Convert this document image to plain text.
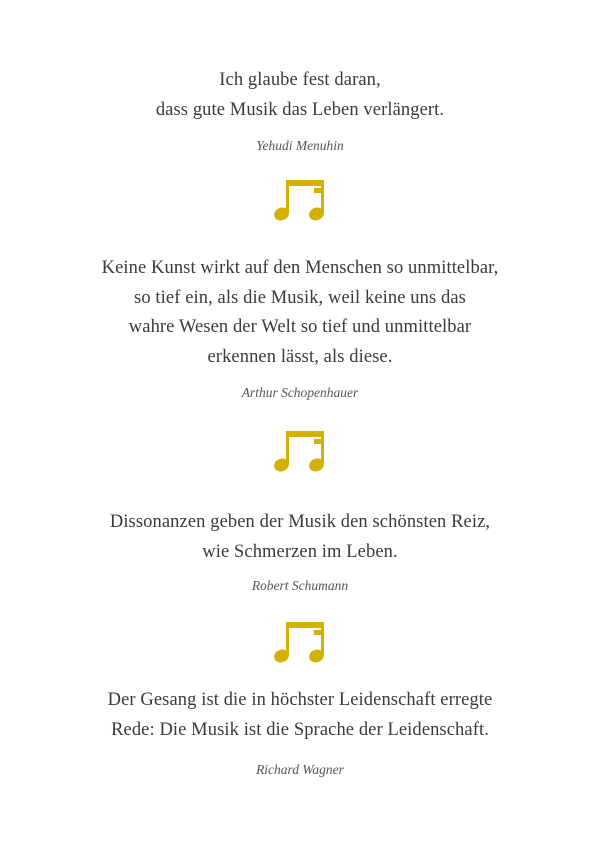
Ich glaube fest daran,
dass gute Musik das Leben verlängert.
Yehudi Menuhin
Keine Kunst wirkt auf den Menschen so unmittelbar,
so tief ein, als die Musik, weil keine uns das
wahre Wesen der Welt so tief und unmittelbar
erkennen lässt, als diese.
Arthur Schopenhauer
Dissonanzen geben der Musik den schönsten Reiz,
wie Schmerzen im Leben.
Robert Schumann
Der Gesang ist die in höchster Leidenschaft erregte
Rede: Die Musik ist die Sprache der Leidenschaft.
Richard Wagner
